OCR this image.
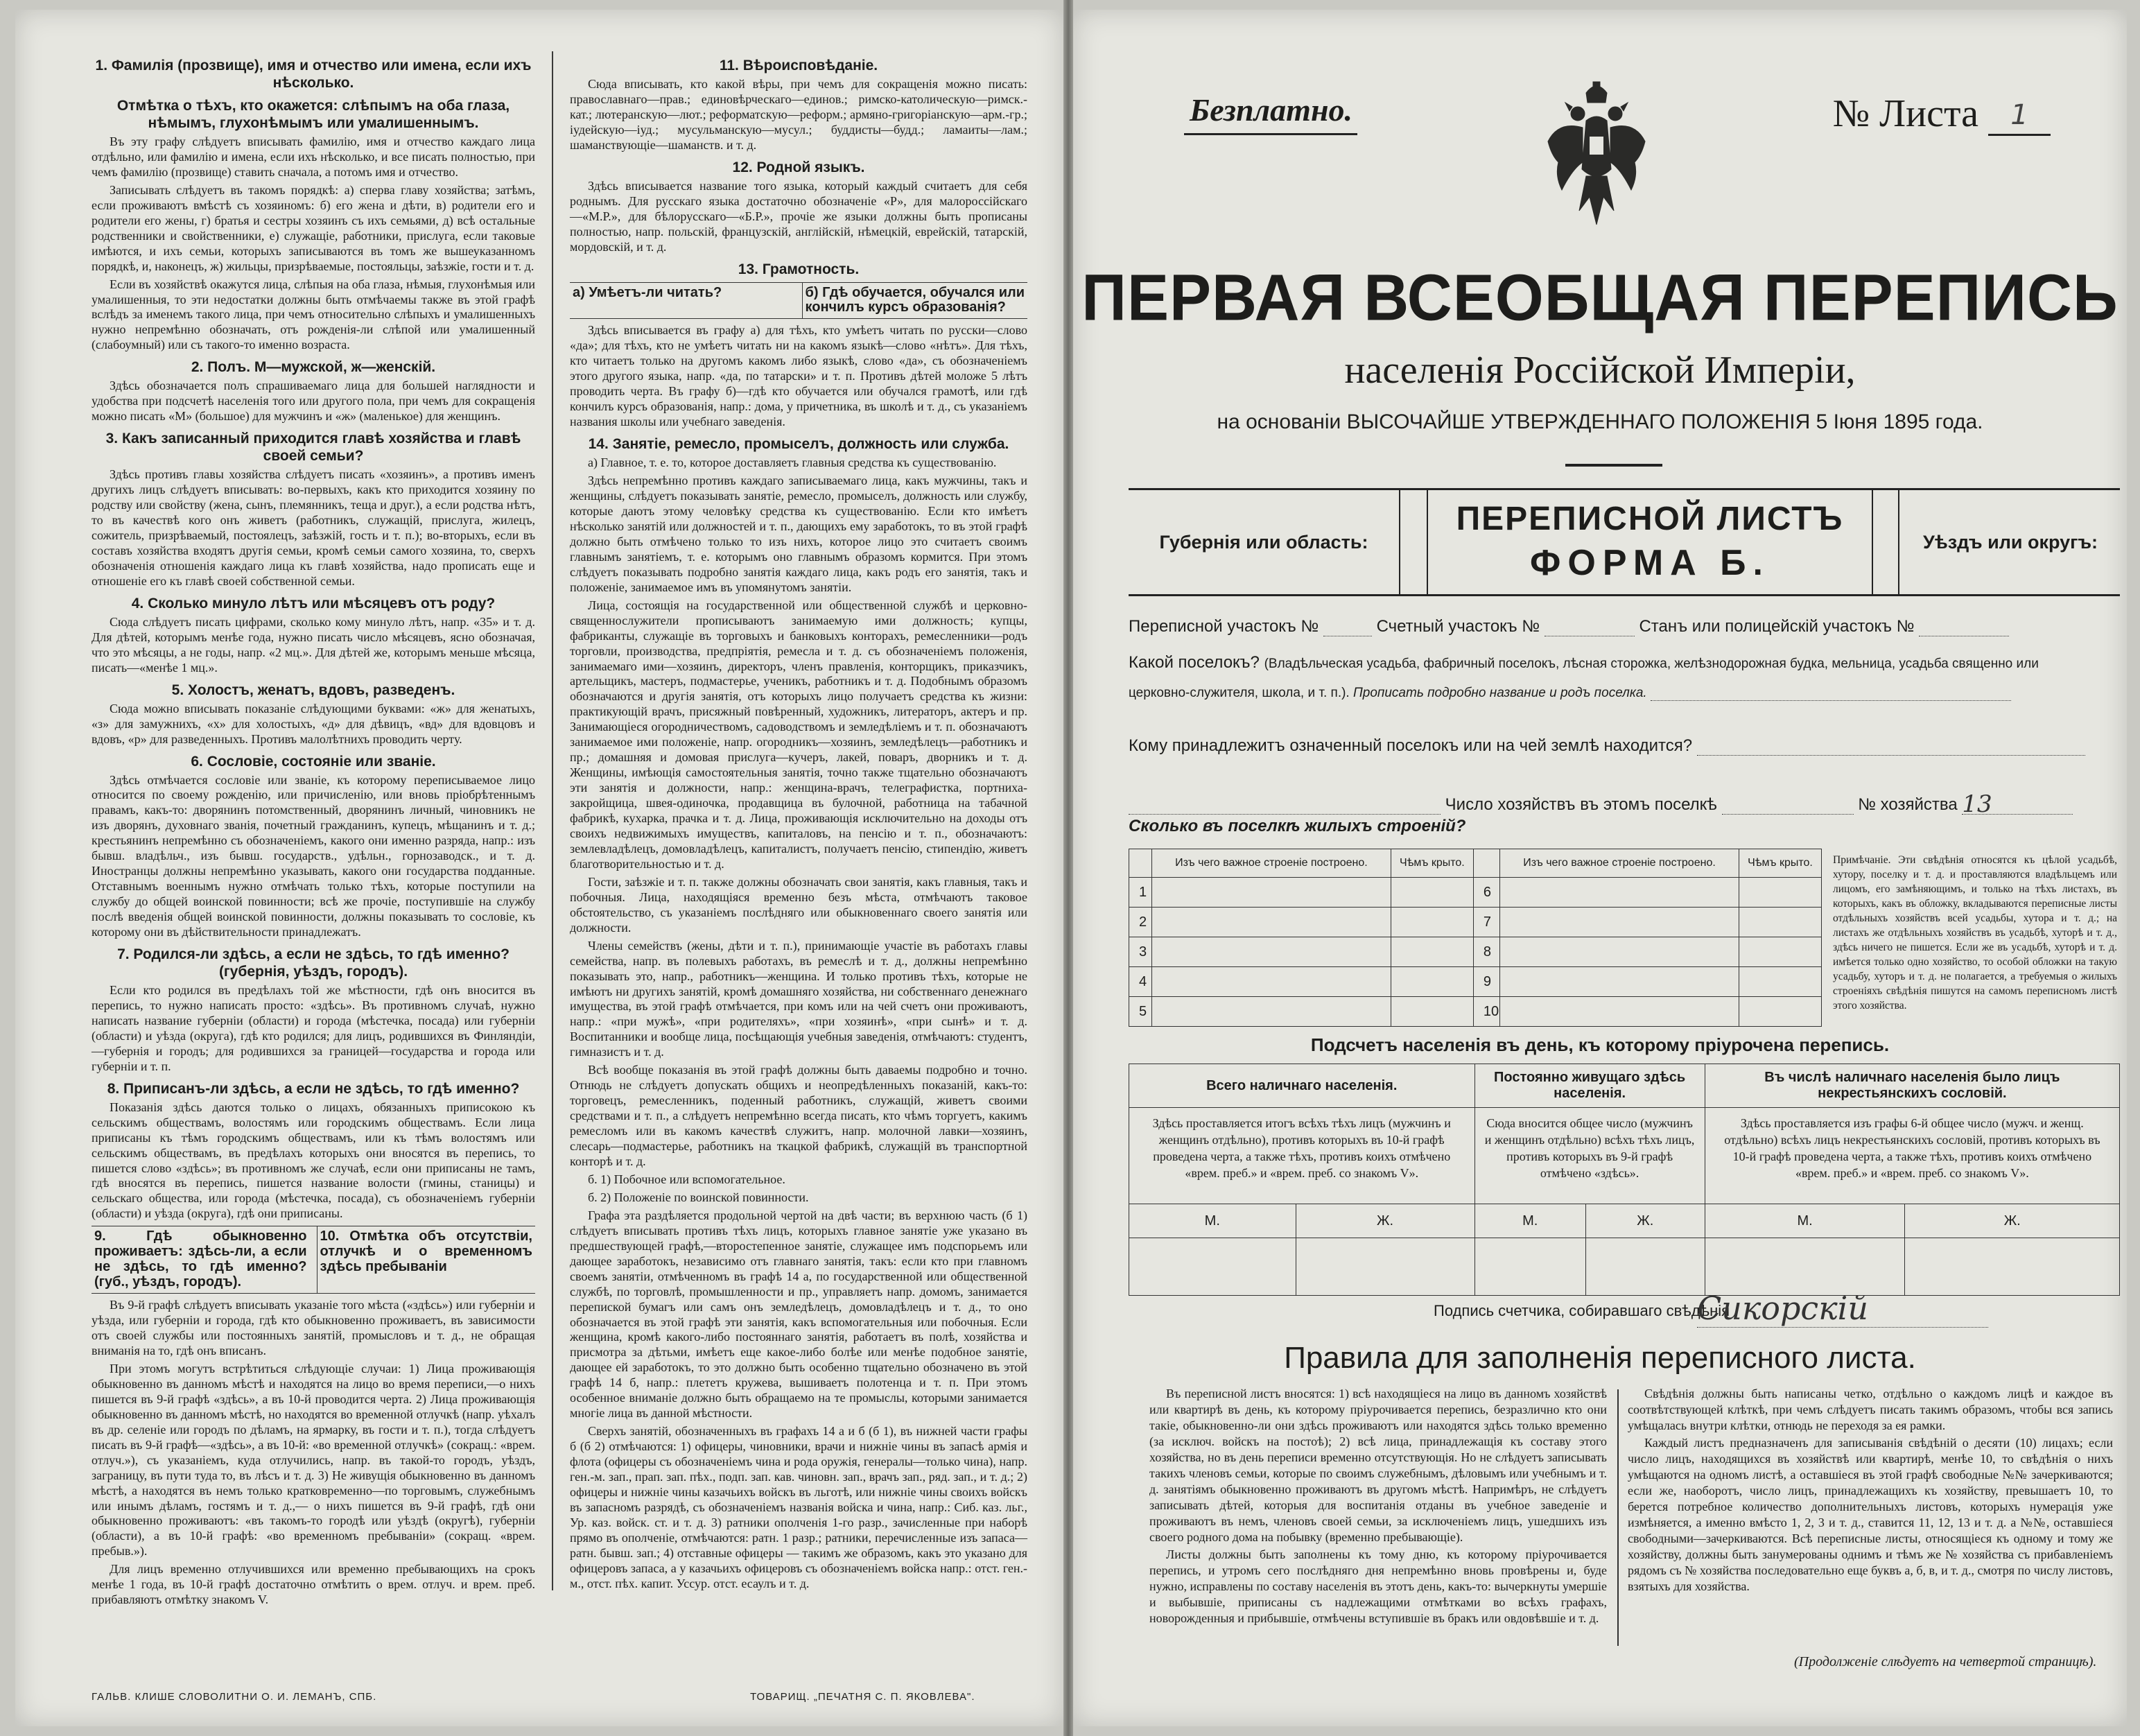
1. Фамилія (прозвище), имя и отчество или имена, если ихъ нѣсколько.
Отмѣтка о тѣхъ, кто окажется: слѣпымъ на оба глаза, нѣмымъ, глухонѣмымъ или умалишеннымъ.
Въ эту графу слѣдуетъ вписывать фамилію, имя и отчество каждаго лица отдѣльно, или фамилію и имена, если ихъ нѣсколько, и все писать полностью, при чемъ фамилію (прозвище) ставить сначала, а потомъ имя и отчество.
Записывать слѣдуетъ въ такомъ порядкѣ: а) сперва главу хозяйства; затѣмъ, если проживаютъ вмѣстѣ съ хозяиномъ: б) его жена и дѣти, в) родители его и родители его жены, г) братья и сестры хозяинъ съ ихъ семьями, д) всѣ остальные родственники и свойственники, е) служащіе, работники, прислуга, если таковые имѣются, и ихъ семьи, которыхъ записываются въ томъ же вышеуказанномъ порядкѣ, и, наконецъ, ж) жильцы, призрѣваемые, постояльцы, заѣзжіе, гости и т. д.
Если въ хозяйствѣ окажутся лица, слѣпыя на оба глаза, нѣмыя, глухонѣмыя или умалишенныя, то эти недостатки должны быть отмѣчаемы также въ этой графѣ вслѣдъ за именемъ такого лица, при чемъ относительно слѣпыхъ и умалишенныхъ нужно непремѣнно обозначать, отъ рожденія-ли слѣпой или умалишенный (слабоумный) или съ такого-то именно возраста.
2. Полъ. М—мужской, ж—женскій.
Здѣсь обозначается полъ спрашиваемаго лица для большей наглядности и удобства при подсчетѣ населенія того или другого пола, при чемъ для сокращенія можно писать «М» (большое) для мужчинъ и «ж» (маленькое) для женщинъ.
3. Какъ записанный приходится главѣ хозяйства и главѣ своей семьи?
Здѣсь противъ главы хозяйства слѣдуетъ писать «хозяинъ», а противъ именъ другихъ лицъ слѣдуетъ вписывать: во-первыхъ, какъ кто приходится хозяину по родству или свойству (жена, сынъ, племянникъ, теща и друг.), а если родства нѣтъ, то въ качествѣ кого онъ живетъ (работникъ, служащій, прислуга, жилецъ, сожитель, призрѣваемый, постоялецъ, заѣзжій, гость и т. п.); во-вторыхъ, если въ составъ хозяйства входятъ другія семьи, кромѣ семьи самого хозяина, то, сверхъ обозначенія отношенія каждаго лица къ главѣ хозяйства, надо прописать еще и отношеніе его къ главѣ своей собственной семьи.
4. Сколько минуло лѣтъ или мѣсяцевъ отъ роду?
Сюда слѣдуетъ писать цифрами, сколько кому минуло лѣтъ, напр. «35» и т. д. Для дѣтей, которымъ менѣе года, нужно писать число мѣсяцевъ, ясно обозначая, что это мѣсяцы, а не годы, напр. «2 мц.». Для дѣтей же, которымъ меньше мѣсяца, писать—«менѣе 1 мц.».
5. Холостъ, женатъ, вдовъ, разведенъ.
Сюда можно вписывать показаніе слѣдующими буквами: «ж» для женатыхъ, «з» для замужнихъ, «х» для холостыхъ, «д» для дѣвицъ, «вд» для вдовцовъ и вдовъ, «р» для разведенныхъ. Противъ малолѣтнихъ проводить черту.
6. Сословіе, состояніе или званіе.
Здѣсь отмѣчается сословіе или званіе, къ которому переписываемое лицо относится по своему рожденію, или причисленію, или вновь пріобрѣтеннымъ правамъ, какъ-то: дворянинъ потомственный, дворянинъ личный, чиновникъ не изъ дворянъ, духовнаго званія, почетный гражданинъ, купецъ, мѣщанинъ и т. д.; крестьянинъ непремѣнно съ обозначеніемъ, какого они именно разряда, напр.: изъ бывш. владѣльч., изъ бывш. государств., удѣльн., горнозаводск., и т. д. Иностранцы должны непремѣнно указывать, какого они государства подданные. Отставнымъ военнымъ нужно отмѣчать только тѣхъ, которые поступили на службу до общей воинской повинности; всѣ же прочіе, поступившіе на службу послѣ введенія общей воинской повинности, должны показывать то сословіе, къ которому они въ дѣйствительности принадлежатъ.
7. Родился-ли здѣсь, а если не здѣсь, то гдѣ именно? (губернія, уѣздъ, городъ).
Если кто родился въ предѣлахъ той же мѣстности, гдѣ онъ вносится въ перепись, то нужно написать просто: «здѣсь». Въ противномъ случаѣ, нужно написать название губерніи (области) и города (мѣстечка, посада) или губерніи (области) и уѣзда (округа), гдѣ кто родился; для лицъ, родившихся въ Финляндіи,—губернія и городъ; для родившихся за границей—государства и города или губерніи и т. п.
8. Приписанъ-ли здѣсь, а если не здѣсь, то гдѣ именно?
Показанія здѣсь даются только о лицахъ, обязанныхъ приписокою къ сельскимъ обществамъ, волостямъ или городскимъ обществамъ. Если лица приписаны къ тѣмъ городскимъ обществамъ, или къ тѣмъ волостямъ или сельскимъ обществамъ, въ предѣлахъ которыхъ они вносятся въ перепись, то пишется слово «здѣсь»; въ противномъ же случаѣ, если они приписаны не тамъ, гдѣ вносятся въ перепись, пишется название волости (гмины, станицы) и сельскаго общества, или города (мѣстечка, посада), съ обозначеніемъ губерніи (области) и уѣзда (округа), гдѣ они приписаны.
9. Гдѣ обыкновенно проживаетъ: здѣсь-ли, а если не здѣсь, то гдѣ именно? (губ., уѣздъ, городъ).
10. Отмѣтка объ отсутствіи, отлучкѣ и о временномъ здѣсь пребываніи
Въ 9-й графѣ слѣдуетъ вписывать указаніе того мѣста («здѣсь») или губерніи и уѣзда, или губерніи и города, гдѣ кто обыкновенно проживаетъ, въ зависимости отъ своей службы или постоянныхъ занятій, промысловъ и т. д., не обращая вниманія на то, гдѣ онъ вписанъ.
При этомъ могутъ встрѣтиться слѣдующіе случаи: 1) Лица проживающія обыкновенно въ данномъ мѣстѣ и находятся на лицо во время переписи,—о нихъ пишется въ 9-й графѣ «здѣсь», а въ 10-й проводится черта. 2) Лица проживающія обыкновенно въ данномъ мѣстѣ, но находятся во временной отлучкѣ (напр. уѣхалъ въ др. селеніе или городъ по дѣламъ, на ярмарку, въ гости и т. п.), тогда слѣдуетъ писать въ 9-й графѣ—«здѣсь», а въ 10-й: «во временной отлучкѣ» (сокращ.: «врем. отлуч.»), съ указаніемъ, куда отлучились, напр. въ такой-то городъ, уѣздъ, заграницу, въ пути туда то, въ лѣсъ и т. д. 3) Не живущія обыкновенно въ данномъ мѣстѣ, а находятся въ немъ только кратковременно—по торговымъ, служебнымъ или инымъ дѣламъ, гостямъ и т. д.,— о нихъ пишется въ 9-й графѣ, гдѣ они обыкновенно проживаютъ: «въ такомъ-то городѣ или уѣздѣ (округѣ), губерніи (области), а въ 10-й графѣ: «во временномъ пребываніи» (сокращ. «врем. пребыв.»).
Для лицъ временно отлучившихся или временно пребывающихъ на срокъ менѣе 1 года, въ 10-й графѣ достаточно отмѣтить о врем. отлуч. и врем. преб. прибавляютъ отмѣтку знакомъ V.
11. Вѣроисповѣданіе.
Сюда вписывать, кто какой вѣры, при чемъ для сокращенія можно писать: православнаго—прав.; единовѣрческаго—единов.; римско-католическую—римск.-кат.; лютеранскую—лют.; реформатскую—реформ.; армяно-григоріанскую—арм.-гр.; іудейскую—іуд.; мусульманскую—мусул.; буддисты—будд.; ламаиты—лам.; шаманствующіе—шаманств. и т. д.
12. Родной языкъ.
Здѣсь вписывается название того языка, который каждый считаетъ для себя роднымъ. Для русскаго языка достаточно обозначеніе «Р», для малороссійскаго—«М.Р.», для бѣлорусскаго—«Б.Р.», прочіе же языки должны быть прописаны полностью, напр. польскій, французскій, англійскій, нѣмецкій, еврейскій, татарскій, мордовскій, и т. д.
13. Грамотность.
а) Умѣетъ-ли читать?	б) Гдѣ обучается, обучался или кончилъ курсъ образованія?
Здѣсь вписывается въ графу а) для тѣхъ, кто умѣетъ читать по русски—слово «да»; для тѣхъ, кто не умѣетъ читать ни на какомъ языкѣ—слово «нѣтъ». Для тѣхъ, кто читаетъ только на другомъ какомъ либо языкѣ, слово «да», съ обозначеніемъ этого другого языка, напр. «да, по татарски» и т. п. Противъ дѣтей моложе 5 лѣтъ проводить черта. Въ графу б)—гдѣ кто обучается или обучался грамотѣ, или гдѣ кончилъ курсъ образованія, напр.: дома, у причетника, въ школѣ и т. д., съ указаніемъ названия школы или учебнаго заведенія.
14. Занятіе, ремесло, промыселъ, должность или служба.
а) Главное, т. е. то, которое доставляетъ главныя средства къ существованію.
Здѣсь непремѣнно противъ каждаго записываемаго лица, какъ мужчины, такъ и женщины, слѣдуетъ показывать занятіе, ремесло, промыселъ, должность или службу, которые даютъ этому человѣку средства къ существованію. Если кто имѣетъ нѣсколько занятій или должностей и т. п., дающихъ ему заработокъ, то въ этой графѣ должно быть отмѣчено только то изъ нихъ, которое лицо это считаетъ своимъ главнымъ занятіемъ, т. е. которымъ оно главнымъ образомъ кормится. При этомъ слѣдуетъ показывать подробно занятія каждаго лица, какъ родъ его занятія, такъ и положеніе, занимаемое имъ въ упомянутомъ занятіи.
Лица, состоящія на государственной или общественной службѣ и церковно-священнослужители прописываютъ занимаемую ими должность; купцы, фабриканты, служащіе въ торговыхъ и банковыхъ конторахъ, ремесленники—родъ торговли, производства, предпріятія, ремесла и т. д. съ обозначеніемъ положенія, занимаемаго ими—хозяинъ, директоръ, членъ правленія, конторщикъ, приказчикъ, артельщикъ, мастеръ, подмастерье, ученикъ, работникъ и т. д. Подобнымъ образомъ обозначаются и другія занятія, отъ которыхъ лицо получаетъ средства къ жизни: практикующій врачъ, присяжный повѣренный, художникъ, литераторъ, актеръ и пр. Занимающіеся огородничествомъ, садоводствомъ и земледѣліемъ и т. п. обозначаютъ занимаемое ими положеніе, напр. огородникъ—хозяинъ, земледѣлецъ—работникъ и пр.; домашняя и домовая прислуга—кучеръ, лакей, поваръ, дворникъ и т. д. Женщины, имѣющія самостоятельныя занятія, точно также тщательно обозначаютъ эти занятія и должности, напр.: женщина-врачъ, телеграфистка, портниха-закройщица, швея-одиночка, продавщица въ булочной, работница на табачной фабрикѣ, кухарка, прачка и т. д. Лица, проживающія исключительно на доходы отъ своихъ недвижимыхъ имуществъ, капиталовъ, на пенсію и т. п., обозначаютъ: землевладѣлецъ, домовладѣлецъ, капиталистъ, получаетъ пенсію, стипендію, живетъ благотворительностью и т. д.
Гости, заѣзжіе и т. п. также должны обозначать свои занятія, какъ главныя, такъ и побочныя. Лица, находящіяся временно безъ мѣста, отмѣчаютъ таковое обстоятельство, съ указаніемъ послѣдняго или обыкновеннаго своего занятія или должности.
Члены семействъ (жены, дѣти и т. п.), принимающіе участіе въ работахъ главы семейства, напр. въ полевыхъ работахъ, въ ремеслѣ и т. д., должны непремѣнно показывать это, напр., работникъ—женщина. И только противъ тѣхъ, которые не имѣютъ ни другихъ занятій, кромѣ домашняго хозяйства, ни собственнаго денежнаго имущества, въ этой графѣ отмѣчается, при комъ или на чей счетъ они проживаютъ, напр.: «при мужѣ», «при родителяхъ», «при хозяинѣ», «при сынѣ» и т. д. Воспитанники и вообще лица, посѣщающія учебныя заведенія, отмѣчаютъ: студентъ, гимназистъ и т. д.
Всѣ вообще показанія въ этой графѣ должны быть даваемы подробно и точно. Отнюдь не слѣдуетъ допускать общихъ и неопредѣленныхъ показаній, какъ-то: торговецъ, ремесленникъ, поденный работникъ, служащій, живетъ своими средствами и т. п., а слѣдуетъ непремѣнно всегда писать, кто чѣмъ торгуетъ, какимъ ремесломъ или въ какомъ качествѣ служитъ, напр. молочной лавки—хозяинъ, слесарь—подмастерье, работникъ на ткацкой фабрикѣ, служащій въ транспортной конторѣ и т. д.
б. 1) Побочное или вспомогательное.
б. 2) Положеніе по воинской повинности.
Графа эта раздѣляется продольной чертой на двѣ части; въ верхнюю часть (б 1) слѣдуетъ вписывать противъ тѣхъ лицъ, которыхъ главное занятіе уже указано въ предшествующей графѣ,—второстепенное занятіе, служащее имъ подспорьемъ или дающее заработокъ, независимо отъ главнаго занятія, такъ: если кто при главномъ своемъ занятіи, отмѣченномъ въ графѣ 14 а, по государственной или общественной службѣ, по торговлѣ, промышленности и пр., управляетъ напр. домомъ, занимается перепиской бумагъ или самъ онъ земледѣлецъ, домовладѣлецъ и т. д., то оно обозначается въ этой графѣ эти занятія, какъ вспомогательныя или побочныя. Если женщина, кромѣ какого-либо постояннаго занятія, работаетъ въ полѣ, хозяйства и присмотра за дѣтьми, имѣетъ еще какое-либо болѣе или менѣе подобное занятіе, дающее ей заработокъ, то это должно быть особенно тщательно обозначено въ этой графѣ 14 б, напр.: плететъ кружева, вышиваетъ полотенца и т. п. При этомъ особенное вниманіе должно быть обращаемо на те промыслы, которыми занимается многіе лица въ данной мѣстности.
Сверхъ занятій, обозначенныхъ въ графахъ 14 а и б (б 1), въ нижней части графы б (б 2) отмѣчаются: 1) офицеры, чиновники, врачи и нижніе чины въ запасѣ армія и флота (офицеры съ обозначеніемъ чина и рода оружія, генералы—только чина), напр. ген.-м. зап., прап. зап. пѣх., подп. зап. кав. чиновн. зап., врачъ зап., ряд. зап., и т. д.; 2) офицеры и нижніе чины казачьихъ войскъ въ льготѣ, или нижніе чины своихъ войскъ въ запасномъ разрядѣ, съ обозначеніемъ названія войска и чина, напр.: Сиб. каз. льг., Ур. каз. войск. ст. и т. д. 3) ратники ополченія 1-го разр., зачисленные при наборѣ прямо въ ополченіе, отмѣчаются: ратн. 1 разр.; ратники, перечисленные изъ запаса—ратн. бывш. зап.; 4) отставные офицеры — такимъ же образомъ, какъ это указано для офицеровъ запаса, а у казачьихъ офицеровъ съ обозначеніемъ войска напр.: отст. ген.-м., отст. пѣх. капит. Уссур. отст. есаулъ и т. д.
ГАЛЬВ. КЛИШЕ СЛОВОЛИТНИ О. И. ЛЕМАНЪ, СПБ.	ТОВАРИЩ. „ПЕЧАТНЯ С. П. ЯКОВЛЕВА".
Безплатно.	№ Листа 1
ПЕРВАЯ ВСЕОБЩАЯ ПЕРЕПИСЬ
населенія Россійской Имперіи,
на основаніи ВЫСОЧАЙШЕ УТВЕРЖДЕННАГО ПОЛОЖЕНІЯ 5 Іюня 1895 года.
Губернія или область:
ПЕРЕПИСНОЙ ЛИСТЪ
ФОРМА Б.
Уѣздъ или округъ:
Переписной участокъ №	Счетный участокъ №	Станъ или полицейскій участокъ №
Какой поселокъ? (Владѣльческая усадьба, фабричный поселокъ, лѣсная сторожка, желѣзнодорожная будка, мельница, усадьба священно или
церковно-служителя, школа, и т. п.). Прописать подробно название и родъ поселка.
Кому принадлежитъ означенный поселокъ или на чей землѣ находится?
Число хозяйствъ въ этомъ поселкѣ	№ хозяйства 13
Сколько въ поселкѣ жилыхъ строеній?
	Изъ чего важное строеніе построено.	Чѣмъ крыто.		Изъ чего важное строеніе построено.	Чѣмъ крыто.
1			6		
2			7		
3			8		
4			9		
5			10		
Примѣчаніе. Эти свѣдѣнія относятся къ цѣлой усадьбѣ, хутору, поселку и т. д. и проставляются владѣльцемъ или лицомъ, его замѣняющимъ, и только на тѣхъ листахъ, въ которыхъ, какъ въ обложку, вкладываются переписные листы отдѣльныхъ хозяйствъ всей усадьбы, хутора и т. д.; на листахъ же отдѣльныхъ хозяйствъ въ усадьбѣ, хуторѣ и т. д., здѣсь ничего не пишется. Если же въ усадьбѣ, хуторѣ и т. д. имѣется только одно хозяйство, то особой обложки на такую усадьбу, хуторъ и т. д. не полагается, а требуемыя о жилыхъ строеніяхъ свѣдѣнія пишутся на самомъ переписномъ листѣ этого хозяйства.
Подсчетъ населенія въ день, къ которому пріурочена перепись.
Всего наличнаго населенія.		Постоянно живущаго здѣсь населенія.		Въ числѣ наличнаго населенія было лицъ некрестьянскихъ сословій.	
Здѣсь проставляется итогъ всѣхъ тѣхъ лицъ (мужчинъ и женщинъ отдѣльно), противъ которыхъ въ 10-й графѣ проведена черта, а также тѣхъ, противъ коихъ отмѣчено «врем. преб.» и «врем. преб. со знакомъ V».		Сюда вносится общее число (мужчинъ и женщинъ отдѣльно) всѣхъ тѣхъ лицъ, противъ которыхъ въ 9-й графѣ отмѣчено «здѣсь».		Здѣсь проставляется изъ графы 6-й общее число (мужч. и женщ. отдѣльно) всѣхъ лицъ некрестьянскихъ сословій, противъ которыхъ въ 10-й графѣ проведена черта, а также тѣхъ, противъ коихъ отмѣчено «врем. преб.» и «врем. преб. со знакомъ V».	
М.	Ж.	М.	Ж.	М.	Ж.

Подпись счетчика, собиравшаго свѣдѣнія
Сикорскій
Правила для заполненія переписного листа.

Въ переписной листъ вносятся: 1) всѣ находящіеся на лицо въ данномъ хозяйствѣ или квартирѣ въ день, къ которому пріурочивается перепись, безразлично кто они такіе, обыкновенно-ли они здѣсь проживаютъ или находятся здѣсь только временно (за исключ. войскъ на постоѣ); 2) всѣ лица, принадлежащія къ составу этого хозяйства, но въ день переписи временно отсутствующія. Но не слѣдуетъ записывать такихъ членовъ семьи, которые по своимъ служебнымъ, дѣловымъ или учебнымъ и т. д. занятіямъ обыкновенно проживаютъ въ другомъ мѣстѣ. Напримѣръ, не слѣдуетъ записывать дѣтей, которыя для воспитанія отданы въ учебное заведеніе и проживаютъ въ немъ, членовъ своей семьи, за исключеніемъ лицъ, ушедшихъ изъ своего родного дома на побывку (временно пребывающіе).

Листы должны быть заполнены къ тому дню, къ которому пріурочивается перепись, и утромъ сего послѣдняго дня непремѣнно вновь провѣрены и, буде нужно, исправлены по составу населенія въ этотъ день, какъ-то: вычеркнуты умершіе и выбывшіе, приписаны съ надлежащими отмѣтками во всѣхъ графахъ, новорожденныя и прибывшіе, отмѣчены вступившіе въ бракъ или овдовѣвшіе и т. д.

Свѣдѣнія должны быть написаны четко, отдѣльно о каждомъ лицѣ и каждое въ соотвѣтствующей клѣткѣ, при чемъ слѣдуетъ писать такимъ образомъ, чтобы вся запись умѣщалась внутри клѣтки, отнюдь не переходя за ея рамки.

Каждый листъ предназначенъ для записыванія свѣдѣній о десяти (10) лицахъ; если число лицъ, находящихся въ хозяйствѣ или квартирѣ, менѣе 10, то свѣдѣнія о нихъ умѣщаются на одномъ листѣ, а оставшіеся въ этой графѣ свободные №№ зачеркиваются; если же, наоборотъ, число лицъ, принадлежащихъ къ хозяйству, превышаетъ 10, то берется потребное количество дополнительныхъ листовъ, которыхъ нумерація уже измѣняется, а именно вмѣсто 1, 2, 3 и т. д., ставится 11, 12, 13 и т. д. а №№, оставшіеся свободными—зачеркиваются. Всѣ переписные листы, относящіеся къ одному и тому же хозяйству, должны быть занумерованы однимъ и тѣмъ же № хозяйства съ прибавленіемъ рядомъ съ № хозяйства последовательно еще буквъ а, б, в, и т. д., смотря по числу листовъ, взятыхъ для хозяйства.

(Продолженіе слѣдуетъ на четвертой страницѣ).
